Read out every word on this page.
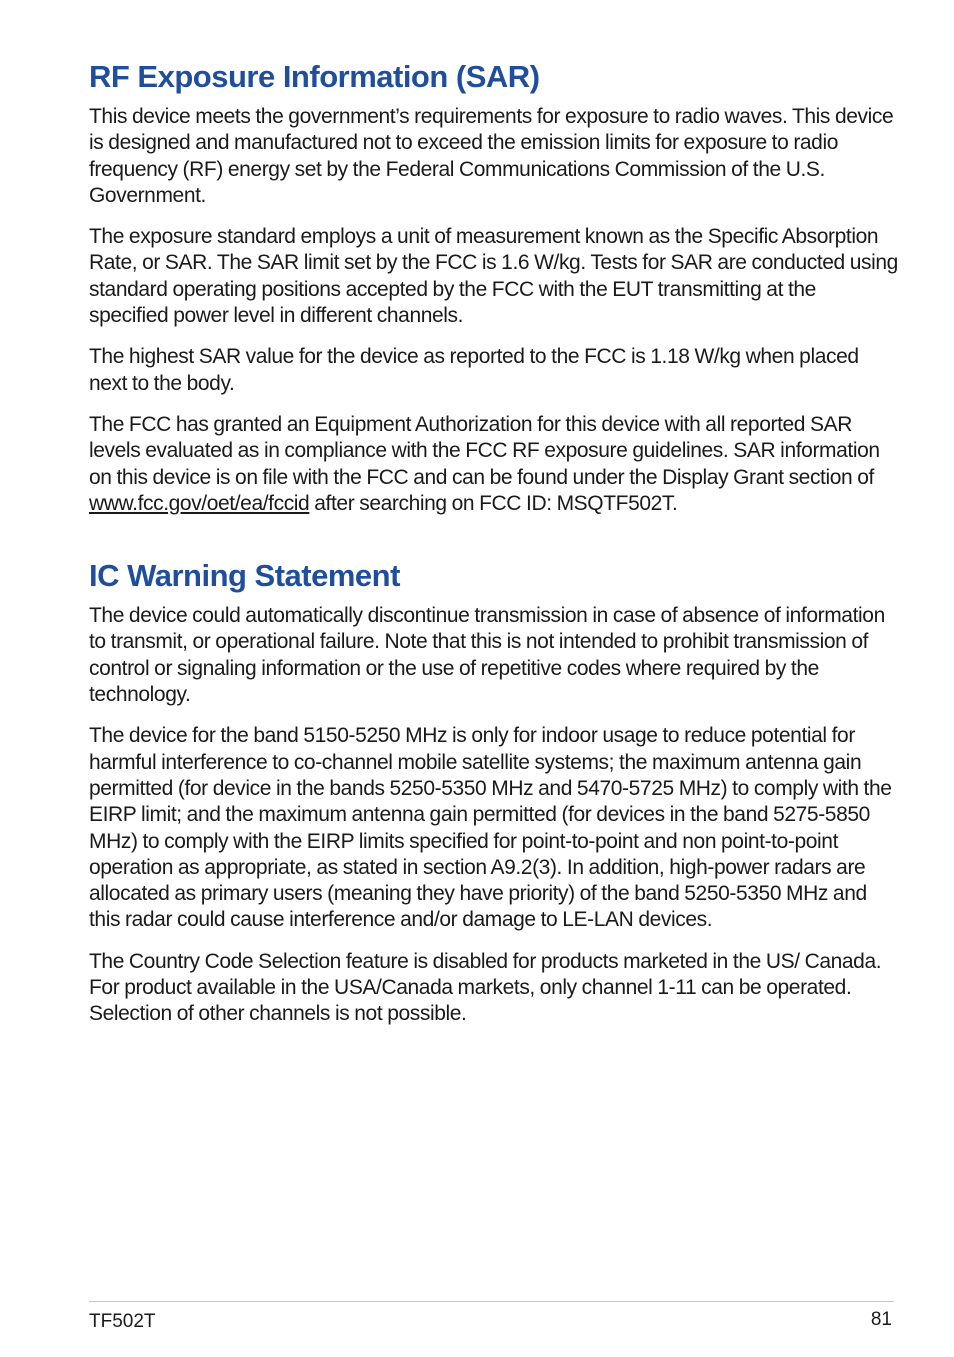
RF Exposure Information (SAR)

This device meets the government’s requirements for exposure to radio waves. This device is designed and manufactured not to exceed the emission limits for exposure to radio frequency (RF) energy set by the Federal Communications Commission of the U.S. Government.

The exposure standard employs a unit of measurement known as the Specific Absorption Rate, or SAR. The SAR limit set by the FCC is 1.6 W/kg. Tests for SAR are conducted using standard operating positions accepted by the FCC with the EUT transmitting at the specified power level in different channels.

The highest SAR value for the device as reported to the FCC is 1.18 W/kg when placed next to the body.

The FCC has granted an Equipment Authorization for this device with all reported SAR levels evaluated as in compliance with the FCC RF exposure guidelines. SAR information on this device is on file with the FCC and can be found under the Display Grant section of www.fcc.gov/oet/ea/fccid after searching on FCC ID: MSQTF502T.

IC Warning Statement

The device could automatically discontinue transmission in case of absence of information to transmit, or operational failure. Note that this is not intended to prohibit transmission of control or signaling information or the use of repetitive codes where required by the technology.

The device for the band 5150-5250 MHz is only for indoor usage to reduce potential for harmful interference to co-channel mobile satellite systems; the maximum antenna gain permitted (for device in the bands 5250-5350 MHz and 5470-5725 MHz) to comply with the EIRP limit; and the maximum antenna gain permitted (for devices in the band 5275-5850 MHz) to comply with the EIRP limits specified for point-to-point and non point-to-point operation as appropriate, as stated in section A9.2(3). In addition, high-power radars are allocated as primary users (meaning they have priority) of the band 5250-5350 MHz and this radar could cause interference and/or damage to LE-LAN devices.

The Country Code Selection feature is disabled for products marketed in the US/ Canada. For product available in the USA/Canada markets, only channel 1-11 can be operated. Selection of other channels is not possible.

TF502T	81
